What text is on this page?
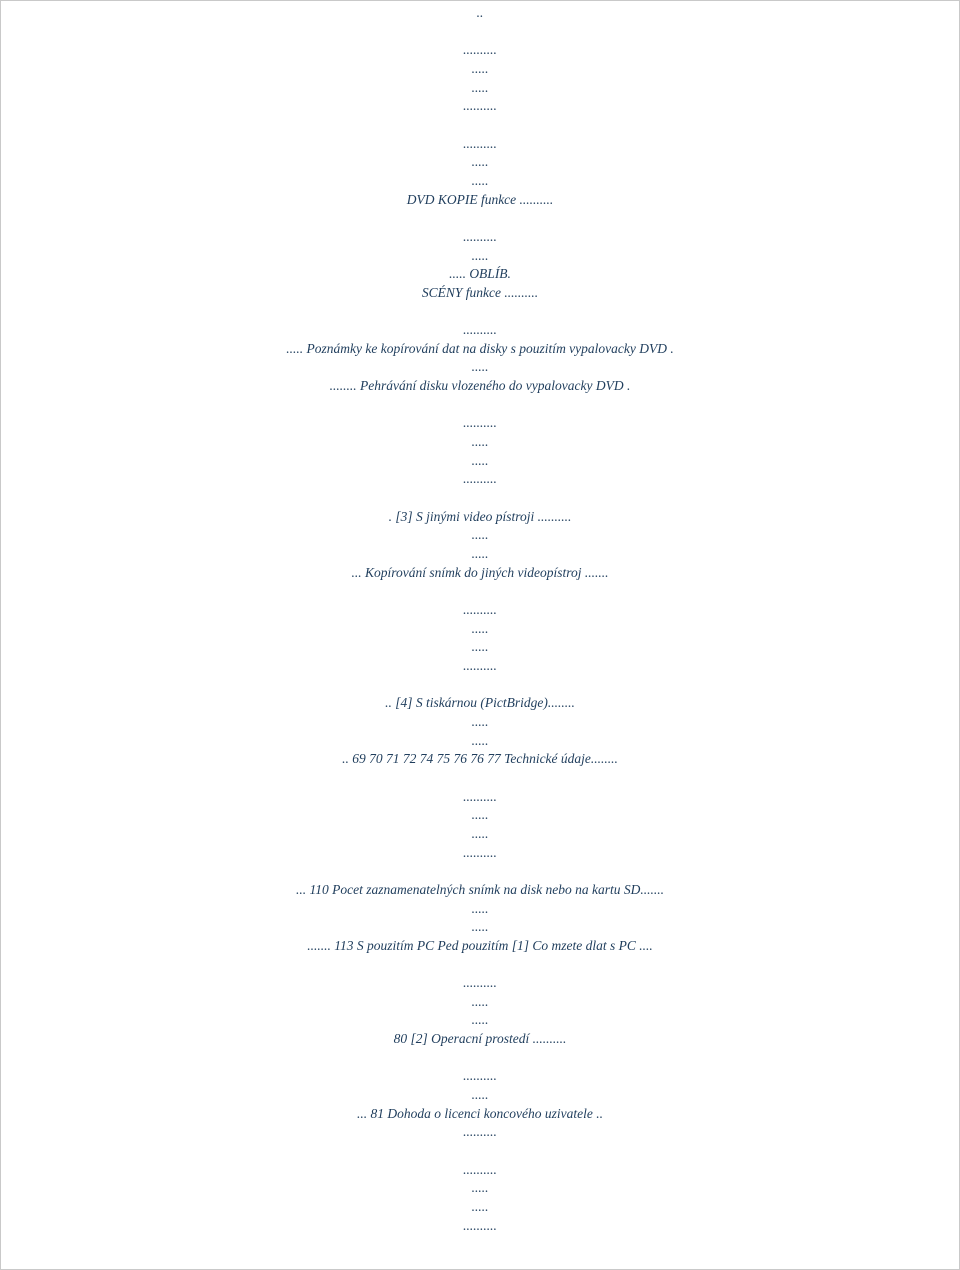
..
..........
.....
.....
..........
..........
.....
.....
DVD KOPIE funkce ..........
..........
.....
..... OBLÍB.
SCÉNY funkce ..........
..........
..... Poznámky ke kopírování dat na disky s pouzitím vypalovacky DVD .
.....
........ Pehrávání disku vlozeného do vypalovacky DVD .
..........
.....
.....
..........
. [3] S jinými video pístroji ..........
.....
.....
... Kopírování snímk do jiných videopístroj .......
..........
.....
.....
..........
.. [4] S tiskárnou (PictBridge)........
.....
.....
.. 69 70 71 72 74 75 76 76 77 Technické údaje........
..........
.....
.....
..........
... 110 Pocet zaznamenatelných snímk na disk nebo na kartu SD.......
.....
.....
....... 113 S pouzitím PC Ped pouzitím [1] Co mzete dlat s PC ....
..........
.....
.....
80 [2] Operacní prostedí ..........
..........
.....
... 81 Dohoda o licenci koncového uzivatele ..
..........
..........
.....
.....
..........
